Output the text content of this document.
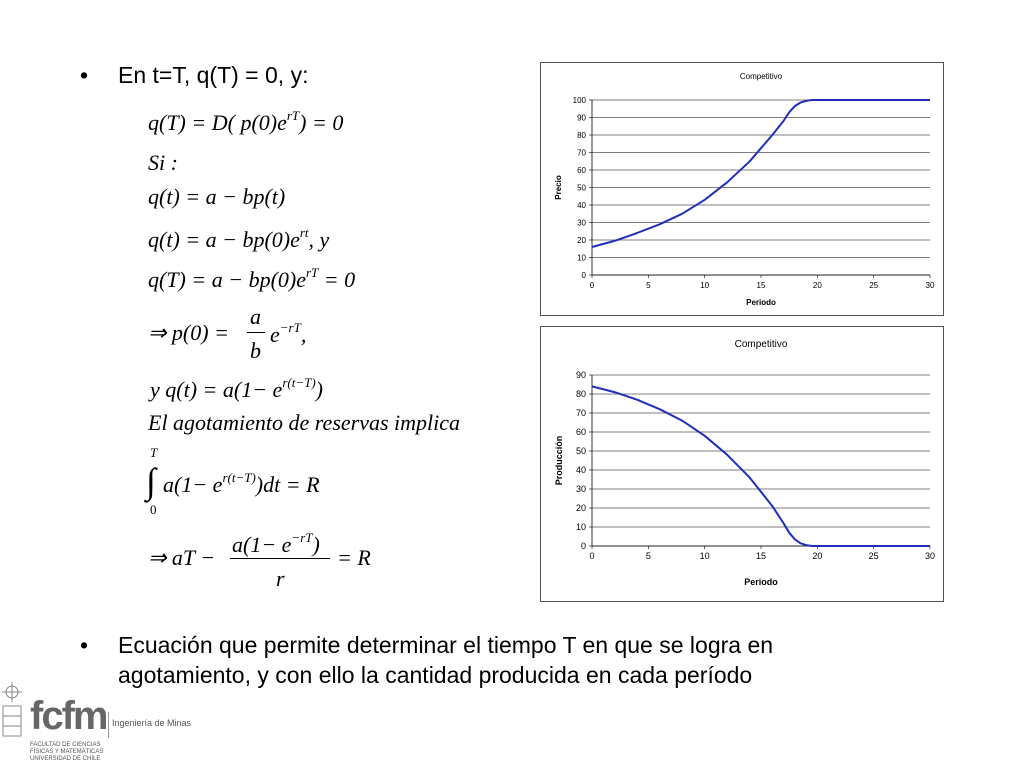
• En t=T, q(T) = 0, y:
q(T) = D( $p(0)e^{rT}) = 0$
Si :
q(t) = a − bp(t)
$q(t) = a - bp(0)e^{rt}$, y
$q(T) = a - bp(0)e^{rT} = 0$
⇒ p(0) =
a
b
$e^{-rT}$,
y $q(t) = a(1- e^{r(t-T)})$
El agotamiento de reservas implica
T
∫
0
$a(1- e^{r(t-T)})dt = R$
⇒ aT −
$a(1- e^{-rT})$
r
= R
Competitivo
0
10
20
30
40
50
60
70
80
90
100
0	5	10	15	20	25	30
Periodo
Precio
Competitivo
0
10
20
30
40
50
60
70
80
90
0	5	10	15	20	25	30
Periodo
Producción
• Ecuación que permite determinar el tiempo T en que se logra en
agotamiento, y con ello la cantidad producida en cada período
fcfm Ingeniería de Minas
FACULTAD DE CIENCIAS
FÍSICAS Y MATEMÁTICAS
UNIVERSIDAD DE CHILE
